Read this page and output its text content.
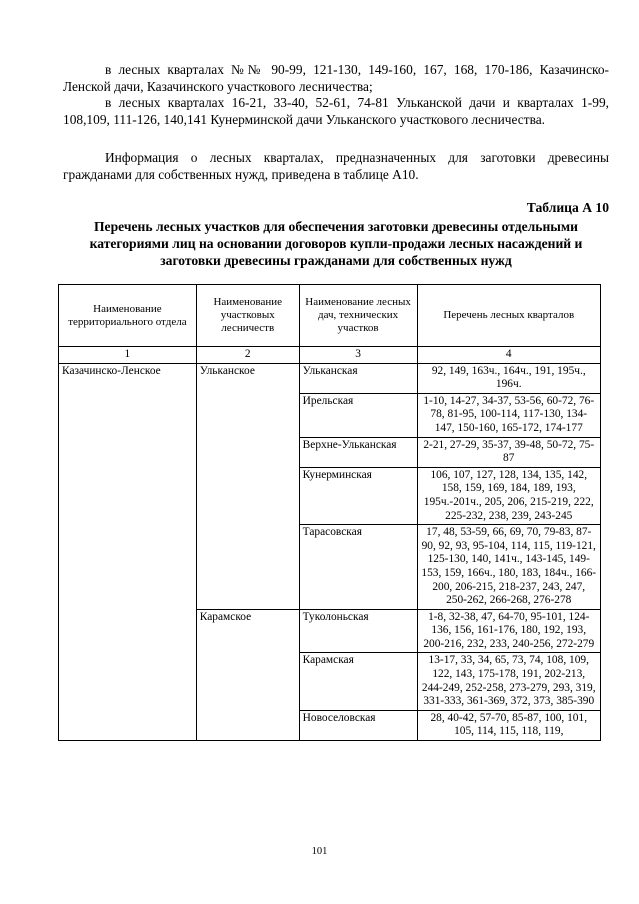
в лесных кварталах №№ 90-99, 121-130, 149-160, 167, 168, 170-186, Казачинско-Ленской дачи, Казачинского участкового лесничества;
в лесных кварталах 16-21, 33-40, 52-61, 74-81 Ульканской дачи и кварталах 1-99, 108,109, 111-126, 140,141 Кунерминской дачи Ульканского участкового лесничества.
Информация о лесных кварталах, предназначенных для заготовки древесины гражданами для собственных нужд, приведена в таблице А10.
Таблица А 10
Перечень лесных участков для обеспечения заготовки древесины отдельными категориями лиц на основании договоров купли-продажи лесных насаждений и заготовки древесины гражданами для собственных нужд
Наименование территориального отдела	Наименование участковых лесничеств	Наименование лесных дач, технических участков	Перечень лесных кварталов
1	2	3	4
Казачинско-Ленское	Ульканское	Ульканская	92, 149, 163ч., 164ч., 191, 195ч., 196ч.
		Ирельская	1-10, 14-27, 34-37, 53-56, 60-72, 76-78, 81-95, 100-114, 117-130, 134-147, 150-160, 165-172, 174-177
		Верхне-Ульканская	2-21, 27-29, 35-37, 39-48, 50-72, 75-87
		Кунерминская	106, 107, 127, 128, 134, 135, 142, 158, 159, 169, 184, 189, 193, 195ч.-201ч., 205, 206, 215-219, 222, 225-232, 238, 239, 243-245
		Тарасовская	17, 48, 53-59, 66, 69, 70, 79-83, 87-90, 92, 93, 95-104, 114, 115, 119-121, 125-130, 140, 141ч., 143-145, 149-153, 159, 166ч., 180, 183, 184ч., 166-200, 206-215, 218-237, 243, 247, 250-262, 266-268, 276-278
	Карамское	Туколоньская	1-8, 32-38, 47, 64-70, 95-101, 124-136, 156, 161-176, 180, 192, 193, 200-216, 232, 233, 240-256, 272-279
		Карамская	13-17, 33, 34, 65, 73, 74, 108, 109, 122, 143, 175-178, 191, 202-213, 244-249, 252-258, 273-279, 293, 319, 331-333, 361-369, 372, 373, 385-390
		Новоселовская	28, 40-42, 57-70, 85-87, 100, 101, 105, 114, 115, 118, 119,
101
